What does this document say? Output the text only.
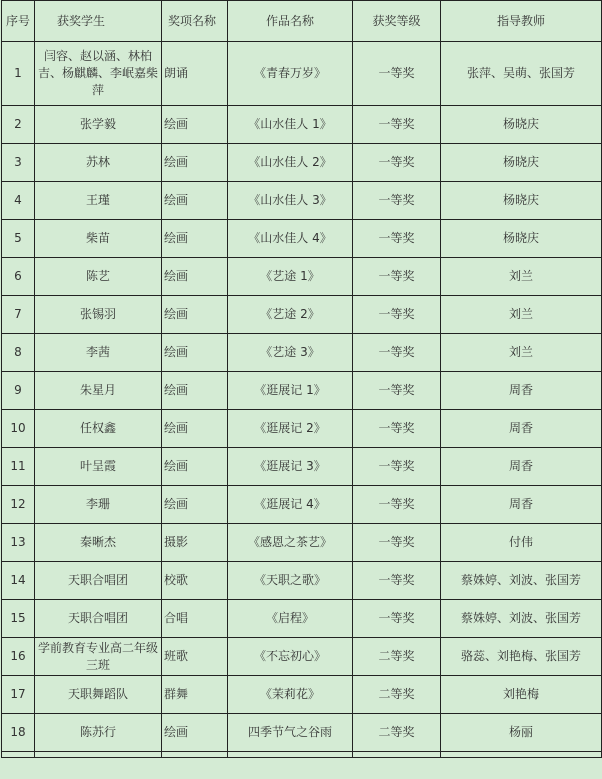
序号	获奖学生	奖项名称	作品名称	获奖等级	指导教师
1	闫容、赵以涵、林柏吉、杨麒麟、李岷嘉柴萍	朗诵	《青春万岁》	一等奖	张萍、吴萌、张国芳
2	张学毅	绘画	《山水佳人 1》	一等奖	杨晓庆
3	苏林	绘画	《山水佳人 2》	一等奖	杨晓庆
4	王瑾	绘画	《山水佳人 3》	一等奖	杨晓庆
5	柴苗	绘画	《山水佳人 4》	一等奖	杨晓庆
6	陈艺	绘画	《艺途 1》	一等奖	刘兰
7	张锡羽	绘画	《艺途 2》	一等奖	刘兰
8	李茜	绘画	《艺途 3》	一等奖	刘兰
9	朱星月	绘画	《逛展记 1》	一等奖	周香
10	任权鑫	绘画	《逛展记 2》	一等奖	周香
11	叶呈霞	绘画	《逛展记 3》	一等奖	周香
12	李珊	绘画	《逛展记 4》	一等奖	周香
13	秦晰杰	摄影	《感恩之茶艺》	一等奖	付伟
14	天职合唱团	校歌	《天职之歌》	一等奖	蔡姝婷、刘波、张国芳
15	天职合唱团	合唱	《启程》	一等奖	蔡姝婷、刘波、张国芳
16	学前教育专业高二年级三班	班歌	《不忘初心》	二等奖	骆蕊、刘艳梅、张国芳
17	天职舞蹈队	群舞	《茉莉花》	二等奖	刘艳梅
18	陈苏行	绘画	四季节气之谷雨	二等奖	杨丽
